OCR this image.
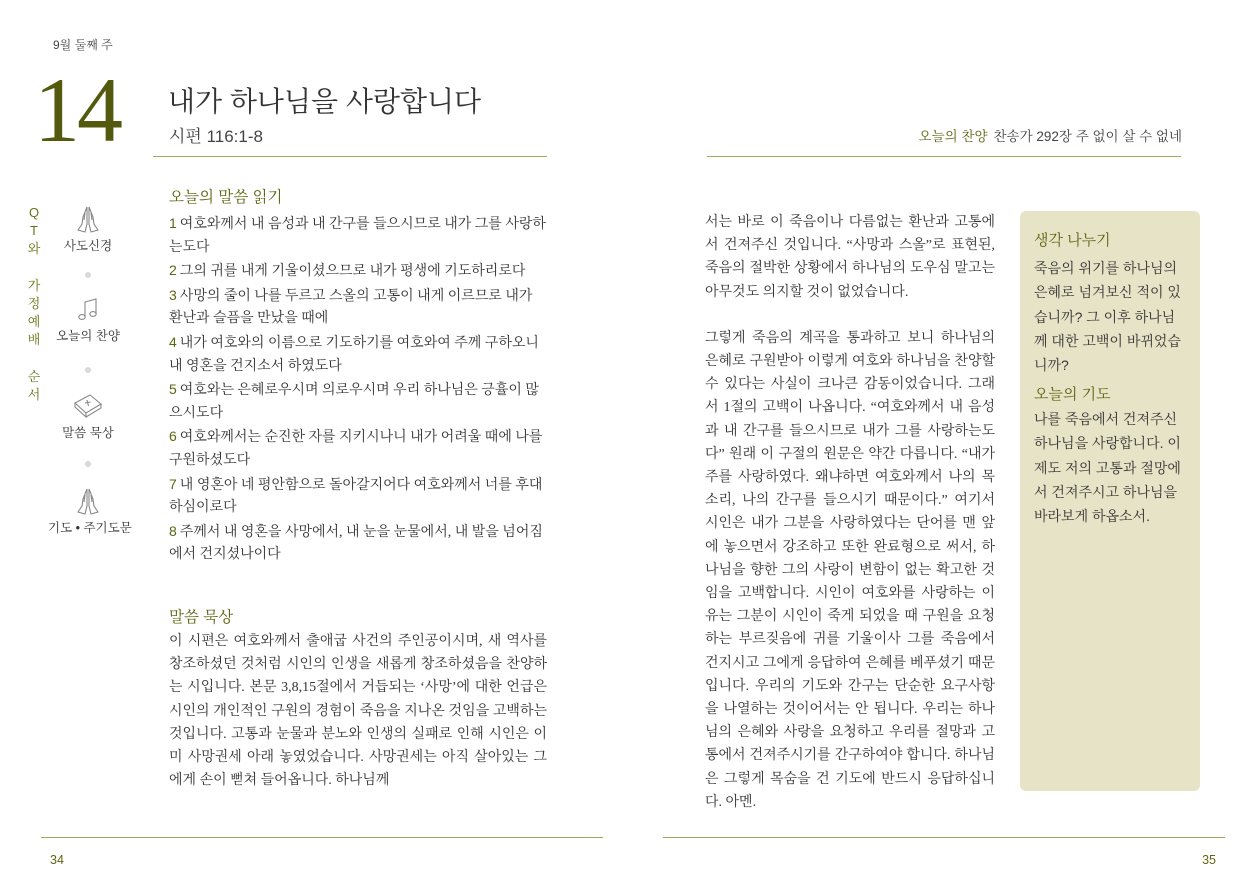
9월 둘째 주
14 내가 하나님을 사랑합니다
시편 116:1-8	오늘의 찬양 찬송가 292장 주 없이 살 수 없네
Q
T
와
가
정
예
배
순
서
사도신경
오늘의 찬양
말씀 묵상
기도 • 주기도문
오늘의 말씀 읽기
1 여호와께서 내 음성과 내 간구를 들으시므로 내가 그를 사랑하는도다
2 그의 귀를 내게 기울이셨으므로 내가 평생에 기도하리로다
3 사망의 줄이 나를 두르고 스올의 고통이 내게 이르므로 내가 환난과 슬픔을 만났을 때에
4 내가 여호와의 이름으로 기도하기를 여호와여 주께 구하오니 내 영혼을 건지소서 하였도다
5 여호와는 은혜로우시며 의로우시며 우리 하나님은 긍휼이 많으시도다
6 여호와께서는 순진한 자를 지키시나니 내가 어려울 때에 나를 구원하셨도다
7 내 영혼아 네 평안함으로 돌아갈지어다 여호와께서 너를 후대하심이로다
8 주께서 내 영혼을 사망에서, 내 눈을 눈물에서, 내 발을 넘어짐에서 건지셨나이다
말씀 묵상
이 시편은 여호와께서 출애굽 사건의 주인공이시며, 새 역사를 창조하셨던 것처럼 시인의 인생을 새롭게 창조하셨음을 찬양하는 시입니다. 본문 3,8,15절에서 거듭되는 ‘사망’에 대한 언급은 시인의 개인적인 구원의 경험이 죽음을 지나온 것임을 고백하는 것입니다. 고통과 눈물과 분노와 인생의 실패로 인해 시인은 이미 사망권세 아래 놓였었습니다. 사망권세는 아직 살아있는 그에게 손이 뻗쳐 들어옵니다. 하나님께

서는 바로 이 죽음이나 다름없는 환난과 고통에서 건져주신 것입니다. “사망과 스올”로 표현된, 죽음의 절박한 상황에서 하나님의 도우심 말고는 아무것도 의지할 것이 없었습니다.

그렇게 죽음의 계곡을 통과하고 보니 하나님의 은혜로 구원받아 이렇게 여호와 하나님을 찬양할 수 있다는 사실이 크나큰 감동이었습니다. 그래서 1절의 고백이 나옵니다. “여호와께서 내 음성과 내 간구를 들으시므로 내가 그를 사랑하는도다” 원래 이 구절의 원문은 약간 다릅니다. “내가 주를 사랑하였다. 왜냐하면 여호와께서 나의 목소리, 나의 간구를 들으시기 때문이다.” 여기서 시인은 내가 그분을 사랑하였다는 단어를 맨 앞에 놓으면서 강조하고 또한 완료형으로 써서, 하나님을 향한 그의 사랑이 변함이 없는 확고한 것임을 고백합니다. 시인이 여호와를 사랑하는 이유는 그분이 시인이 죽게 되었을 때 구원을 요청하는 부르짖음에 귀를 기울이사 그를 죽음에서 건지시고 그에게 응답하여 은혜를 베푸셨기 때문입니다. 우리의 기도와 간구는 단순한 요구사항을 나열하는 것이어서는 안 됩니다. 우리는 하나님의 은혜와 사랑을 요청하고 우리를 절망과 고통에서 건져주시기를 간구하여야 합니다. 하나님은 그렇게 목숨을 건 기도에 반드시 응답하십니다. 아멘.

생각 나누기
죽음의 위기를 하나님의 은혜로 넘겨보신 적이 있습니까? 그 이후 하나님께 대한 고백이 바뀌었습니까?
오늘의 기도
나를 죽음에서 건져주신 하나님을 사랑합니다. 이제도 저의 고통과 절망에서 건져주시고 하나님을 바라보게 하옵소서.
34	35
